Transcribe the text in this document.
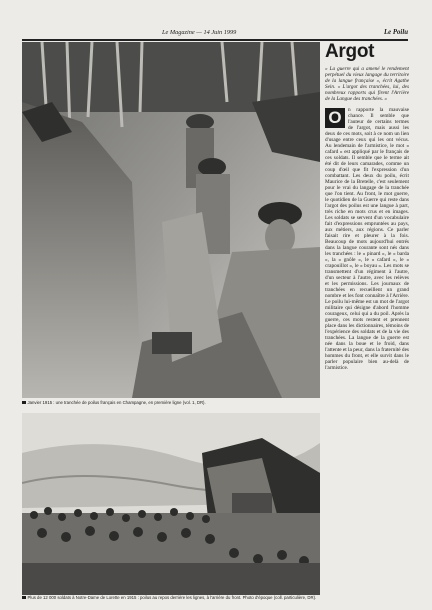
Le Magazine — 14 Juin 1999	Le Poilu
Janvier 1915 : une tranchée de poilus français en Champagne, en première ligne (vol. 1, DR).
Plus de 12 000 soldats à Notre-Dame de Lorette en 1915 : poilus au repos derrière les lignes, à l'arrière du front. Photo d'époque (coll. particulière, DR).
Argot

« La guerre qui a amené le rendement perpétuel du vieux langage du territoire de la langue française », écrit Agathe Sein. « L'argot des tranchées, lui, des nombreux rapports qui firent l'Arrière de la Langue des tranchées. »

O	n rapporte la mauvaise chance. Il semble que l'auteur de certains termes de l'argot, mais aussi les deux de ces mots, soit à ce nom un lien d'usage entre ceux qui les ont vécus. Au lendemain de l'armistice, le mot « cafard » est appliqué par le français de ces soldats. Il semble que le terme ait été dit de leurs camarades, comme un coup d'œil que fit l'expression d'un combattant. Les deux du poilu, écrit Maurice de la Bretelle, c'est seulement pour le vrai du langage de la tranchée que l'on tient. Au front, le mot guerre, le quotidien de la Guerre qui reste dans l'argot des poilus est une langue à part, très riche en mots crus et en images. Les soldats se servent d'un vocabulaire fait d'expressions empruntées au pays, aux métiers, aux régions. Ce parler faisait rire et pleurer à la fois. Beaucoup de mots aujourd'hui entrés dans la langue courante sont nés dans les tranchées : le « pinard », le « barda », la « gnôle », le « cafard », le « crapouillot », le « boyau ». Les mots se transmettent d'un régiment à l'autre, d'un secteur à l'autre, avec les relèves et les permissions. Les journaux de tranchées en recueillent un grand nombre et les font connaître à l'Arrière. Le poilu lui-même est un mot de l'argot militaire qui désigne d'abord l'homme courageux, celui qui a du poil. Après la guerre, ces mots restent et prennent place dans les dictionnaires, témoins de l'expérience des soldats et de la vie des tranchées. La langue de la guerre est née dans la boue et le froid, dans l'attente et la peur, dans la fraternité des hommes du front, et elle survit dans le parler populaire bien au-delà de l'armistice.
